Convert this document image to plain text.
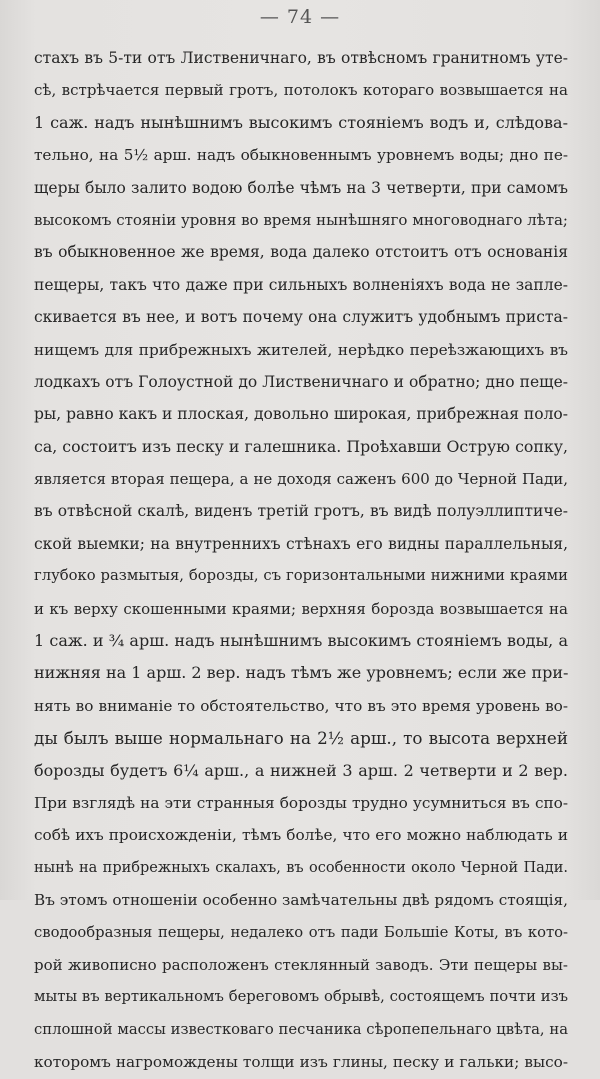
— 74 —
стахъ въ 5-ти отъ Лиственичнаго, въ отвѣсномъ гранитномъ уте-
сѣ, встрѣчается первый гротъ, потолокъ котораго возвышается на
1 саж. надъ нынѣшнимъ высокимъ стояніемъ водъ и, слѣдова-
тельно, на 5½ арш. надъ обыкновеннымъ уровнемъ воды; дно пе-
щеры было залито водою болѣе чѣмъ на 3 четверти, при самомъ
высокомъ стояніи уровня во время нынѣшняго многоводнаго лѣта;
въ обыкновенное же время, вода далеко отстоитъ отъ основанія
пещеры, такъ что даже при сильныхъ волненіяхъ вода не запле-
скивается въ нее, и вотъ почему она служитъ удобнымъ приста-
нищемъ для прибрежныхъ жителей, нерѣдко переѣзжающихъ въ
лодкахъ отъ Голоустной до Лиственичнаго и обратно; дно пеще-
ры, равно какъ и плоская, довольно широкая, прибрежная поло-
са, состоитъ изъ песку и галешника. Проѣхавши Острую сопку,
является вторая пещера, а не доходя саженъ 600 до Черной Пади,
въ отвѣсной скалѣ, виденъ третій гротъ, въ видѣ полуэллиптиче-
ской выемки; на внутреннихъ стѣнахъ его видны параллельныя,
глубоко размытыя, борозды, съ горизонтальными нижними краями
и къ верху скошенными краями; верхняя борозда возвышается на
1 саж. и ¾ арш. надъ нынѣшнимъ высокимъ стояніемъ воды, а
нижняя на 1 арш. 2 вер. надъ тѣмъ же уровнемъ; если же при-
нять во вниманіе то обстоятельство, что въ это время уровень во-
ды былъ выше нормальнаго на 2½ арш., то высота верхней
борозды будетъ 6¼ арш., а нижней 3 арш. 2 четверти и 2 вер.
При взглядѣ на эти странныя борозды трудно усумниться въ спо-
собѣ ихъ происхожденіи, тѣмъ болѣе, что его можно наблюдать и
нынѣ на прибрежныхъ скалахъ, въ особенности около Черной Пади.
Въ этомъ отношеніи особенно замѣчательны двѣ рядомъ стоящія,
сводообразныя пещеры, недалеко отъ пади Большіе Коты, въ кото-
рой живописно расположенъ стеклянный заводъ. Эти пещеры вы-
мыты въ вертикальномъ береговомъ обрывѣ, состоящемъ почти изъ
сплошной массы известковаго песчаника сѣропепельнаго цвѣта, на
которомъ нагромождены толщи изъ глины, песку и гальки; высо-
